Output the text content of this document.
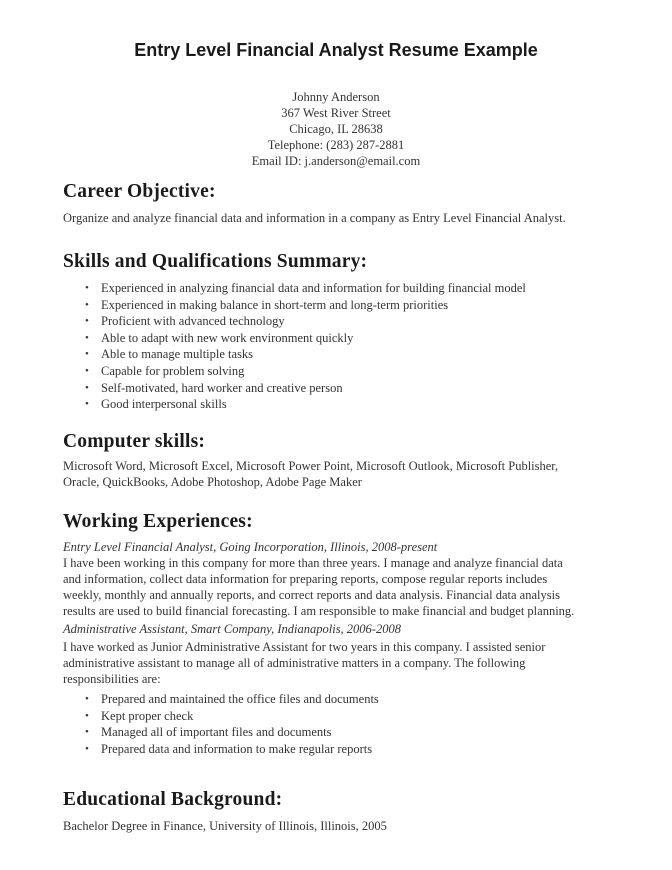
Entry Level Financial Analyst Resume Example
Johnny Anderson
367 West River Street
Chicago, IL 28638
Telephone: (283) 287-2881
Email ID: j.anderson@email.com
Career Objective:

Organize and analyze financial data and information in a company as Entry Level Financial Analyst.

Skills and Qualifications Summary:
• Experienced in analyzing financial data and information for building financial model
• Experienced in making balance in short-term and long-term priorities
• Proficient with advanced technology
• Able to adapt with new work environment quickly
• Able to manage multiple tasks
• Capable for problem solving
• Self-motivated, hard worker and creative person
• Good interpersonal skills
Computer skills:

Microsoft Word, Microsoft Excel, Microsoft Power Point, Microsoft Outlook, Microsoft Publisher,

Oracle, QuickBooks, Adobe Photoshop, Adobe Page Maker

Working Experiences:

Entry Level Financial Analyst, Going Incorporation, Illinois, 2008-present

I have been working in this company for more than three years. I manage and analyze financial data

and information, collect data information for preparing reports, compose regular reports includes

weekly, monthly and annually reports, and correct reports and data analysis. Financial data analysis

results are used to build financial forecasting. I am responsible to make financial and budget planning.

Administrative Assistant, Smart Company, Indianapolis, 2006-2008

I have worked as Junior Administrative Assistant for two years in this company. I assisted senior

administrative assistant to manage all of administrative matters in a company. The following

responsibilities are:

• Prepared and maintained the office files and documents
• Kept proper check
• Managed all of important files and documents
• Prepared data and information to make regular reports
Educational Background:

Bachelor Degree in Finance, University of Illinois, Illinois, 2005
